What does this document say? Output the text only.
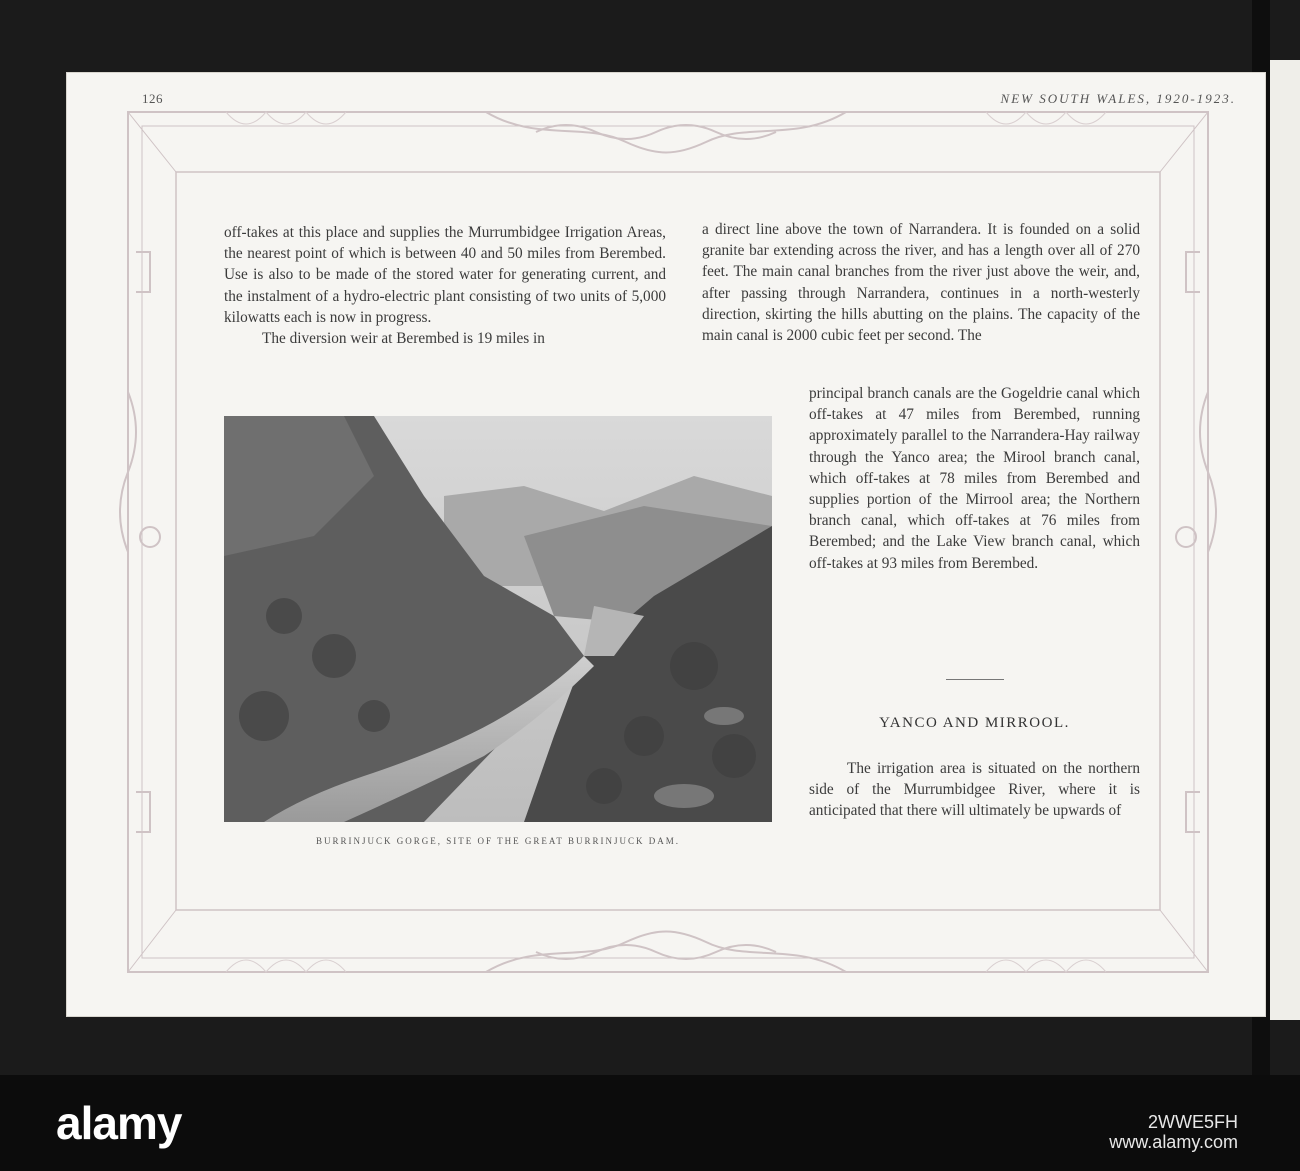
126	NEW SOUTH WALES, 1920-1923.

off-takes at this place and supplies the Murrumbidgee Irrigation Areas, the nearest point of which is between 40 and 50 miles from Berembed. Use is also to be made of the stored water for generating current, and the instalment of a hydro-electric plant consisting of two units of 5,000 kilowatts each is now in progress.

The diversion weir at Berembed is 19 miles in

BURRINJUCK GORGE, SITE OF THE GREAT BURRINJUCK DAM.

a direct line above the town of Narrandera. It is founded on a solid granite bar extending across the river, and has a length over all of 270 feet. The main canal branches from the river just above the weir, and, after passing through Narrandera, continues in a north-westerly direction, skirting the hills abutting on the plains. The capacity of the main canal is 2000 cubic feet per second. The

principal branch canals are the Gogeldrie canal which off-takes at 47 miles from Berembed, running approximately parallel to the Narrandera-Hay railway through the Yanco area; the Mirool branch canal, which off-takes at 78 miles from Berembed and supplies portion of the Mirrool area; the Northern branch canal, which off-takes at 76 miles from Berembed; and the Lake View branch canal, which off-takes at 93 miles from Berembed.

YANCO AND MIRROOL.

The irrigation area is situated on the northern side of the Murrumbidgee River, where it is anticipated that there will ultimately be upwards of

alamy	2WWE5FH
www.alamy.com
